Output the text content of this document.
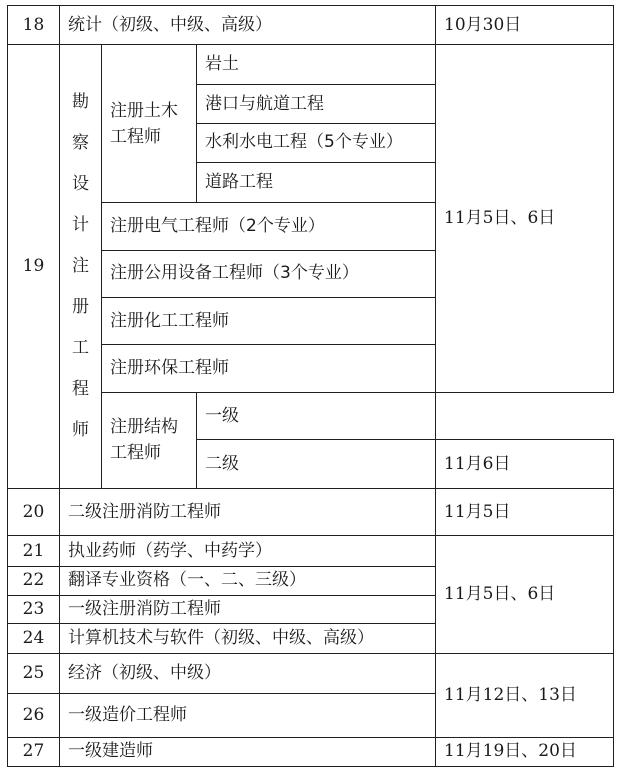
18	统计（初级、中级、高级）			10月30日
19	勘察设计注册工程师	注册土木工程师	岩土	11月5日、6日
			港口与航道工程	
			水利水电工程（5个专业）	
			道路工程	
		注册电气工程师（2个专业）		
		注册公用设备工程师（3个专业）		
		注册化工工程师		
		注册环保工程师		
		注册结构工程师	一级	
			二级	11月6日
20	二级注册消防工程师			11月5日
21	执业药师（药学、中药学）			11月5日、6日
22	翻译专业资格（一、二、三级）			
23	一级注册消防工程师			
24	计算机技术与软件（初级、中级、高级）			
25	经济（初级、中级）			11月12日、13日
26	一级造价工程师			
27	一级建造师			11月19日、20日
